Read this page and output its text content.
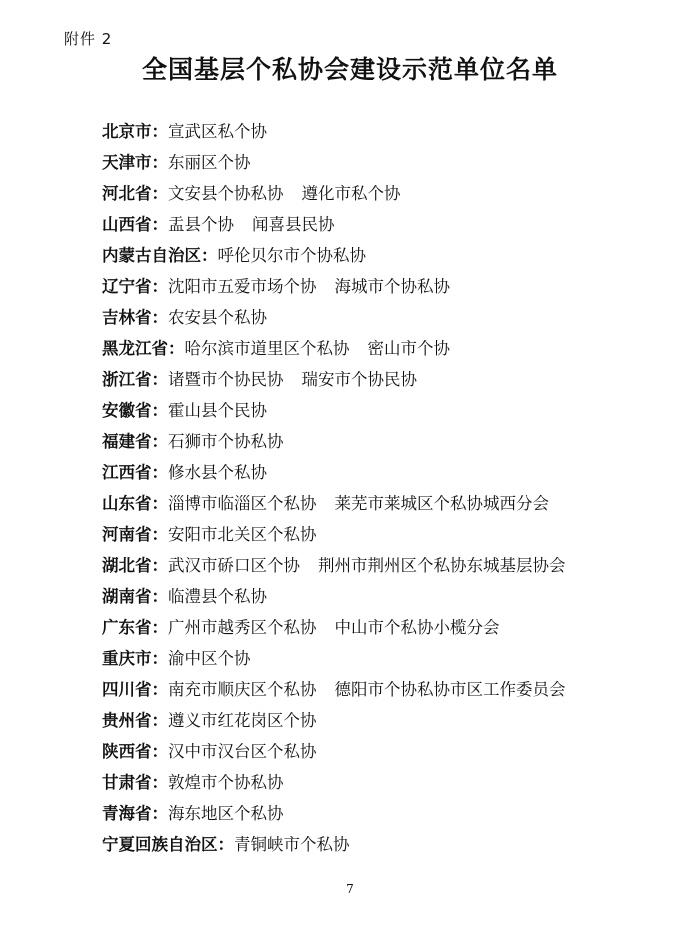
附件 2
全国基层个私协会建设示范单位名单
北京市：宣武区私个协
天津市：东丽区个协
河北省：文安县个协私协 遵化市私个协
山西省：盂县个协 闻喜县民协
内蒙古自治区：呼伦贝尔市个协私协
辽宁省：沈阳市五爱市场个协 海城市个协私协
吉林省：农安县个私协
黑龙江省：哈尔滨市道里区个私协 密山市个协
浙江省：诸暨市个协民协 瑞安市个协民协
安徽省：霍山县个民协
福建省：石狮市个协私协
江西省：修水县个私协
山东省：淄博市临淄区个私协 莱芜市莱城区个私协城西分会
河南省：安阳市北关区个私协
湖北省：武汉市硚口区个协 荆州市荆州区个私协东城基层协会
湖南省：临澧县个私协
广东省：广州市越秀区个私协 中山市个私协小榄分会
重庆市：渝中区个协
四川省：南充市顺庆区个私协 德阳市个协私协市区工作委员会
贵州省：遵义市红花岗区个协
陕西省：汉中市汉台区个私协
甘肃省：敦煌市个协私协
青海省：海东地区个私协
宁夏回族自治区：青铜峡市个私协
7
